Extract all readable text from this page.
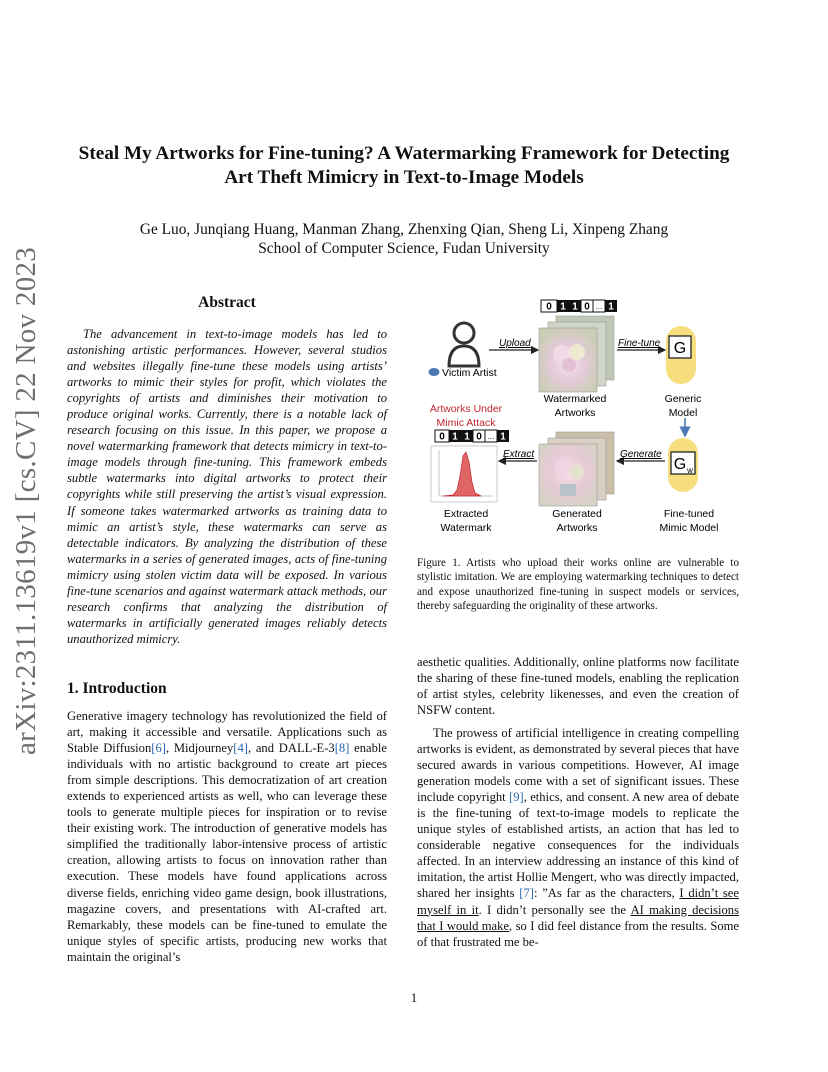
arXiv:2311.13619v1 [cs.CV] 22 Nov 2023
Steal My Artworks for Fine-tuning? A Watermarking Framework for Detecting
Art Theft Mimicry in Text-to-Image Models
Ge Luo, Junqiang Huang, Manman Zhang, Zhenxing Qian, Sheng Li, Xinpeng Zhang
School of Computer Science, Fudan University
Abstract

The advancement in text-to-image models has led to astonishing artistic performances. However, several studios and websites illegally fine-tune these models using artists’ artworks to mimic their styles for profit, which violates the copyrights of artists and diminishes their motivation to produce original works. Currently, there is a notable lack of research focusing on this issue. In this paper, we propose a novel watermarking framework that detects mimicry in text-to-image models through fine-tuning. This framework embeds subtle watermarks into digital artworks to protect their copyrights while still preserving the artist’s visual expression. If someone takes watermarked artworks as training data to mimic an artist’s style, these watermarks can serve as detectable indicators. By analyzing the distribution of these watermarks in a series of generated images, acts of fine-tuning mimicry using stolen victim data will be exposed. In various fine-tune scenarios and against watermark attack methods, our research confirms that analyzing the distribution of watermarks in artificially generated images reliably detects unauthorized mimicry.

1. Introduction

Generative imagery technology has revolutionized the field of art, making it accessible and versatile. Applications such as Stable Diffusion[6], Midjourney[4], and DALL-E-3[8] enable individuals with no artistic background to create art pieces from simple descriptions. This democratization of art creation extends to experienced artists as well, who can leverage these tools to generate multiple pieces for inspiration or to revise their existing work. The introduction of generative models has simplified the traditionally labor-intensive process of artistic creation, allowing artists to focus on innovation rather than execution. These models have found applications across diverse fields, enriching video game design, book illustrations, magazine covers, and presentations with AI-crafted art. Remarkably, these models can be fine-tuned to emulate the unique styles of specific artists, producing new works that maintain the original’s

0 1 1 0 ... 1
Victim Artist
Upload
Watermarked
Artworks
Fine-tune G
Generic
Model
G w
Fine-tuned
Mimic Model
Generate
Generated
Artworks
Extract
Artworks Under
Mimic Attack
0 1 1 0 ... 1
Extracted
Watermark

Figure 1. Artists who upload their works online are vulnerable to stylistic imitation. We are employing watermarking techniques to detect and expose unauthorized fine-tuning in suspect models or services, thereby safeguarding the originality of these artworks.

aesthetic qualities. Additionally, online platforms now facilitate the sharing of these fine-tuned models, enabling the replication of artist styles, celebrity likenesses, and even the creation of NSFW content.

The prowess of artificial intelligence in creating compelling artworks is evident, as demonstrated by several pieces that have secured awards in various competitions. However, AI image generation models come with a set of significant issues. These include copyright [9], ethics, and consent. A new area of debate is the fine-tuning of text-to-image models to replicate the unique styles of established artists, an action that has led to considerable negative consequences for the individuals affected. In an interview addressing an instance of this kind of imitation, the artist Hollie Mengert, who was directly impacted, shared her insights [7]: ”As far as the characters, I didn’t see myself in it. I didn’t personally see the AI making decisions that I would make, so I did feel distance from the results. Some of that frustrated me be-

1
